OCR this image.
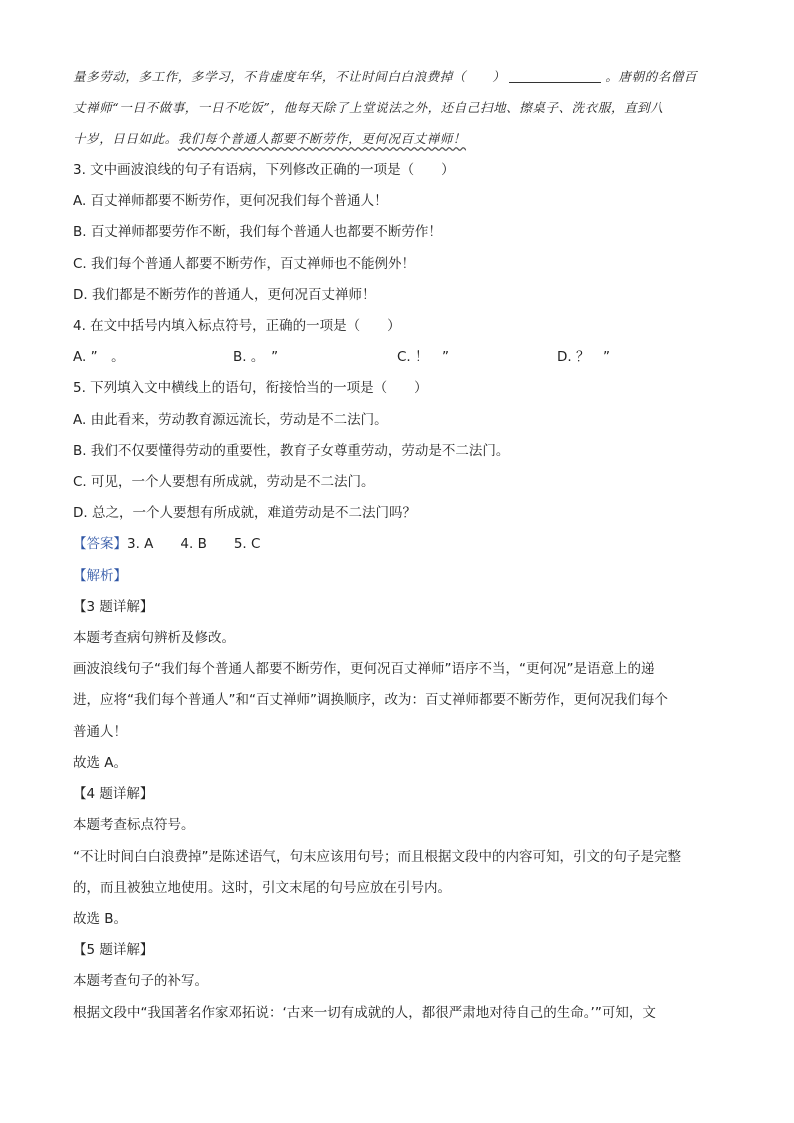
量多劳动，多工作，多学习，不肯虚度年华，不让时间白白浪费掉（　　）	。唐朝的名僧百
丈禅师“一日不做事，一日不吃饭”，他每天除了上堂说法之外，还自己扫地、擦桌子、洗衣服，直到八
十岁，日日如此。我们每个普通人都要不断劳作，更何况百丈禅师！
3. 文中画波浪线的句子有语病，下列修改正确的一项是（　　）
A. 百丈禅师都要不断劳作，更何况我们每个普通人！
B. 百丈禅师都要劳作不断，我们每个普通人也都要不断劳作！
C. 我们每个普通人都要不断劳作，百丈禅师也不能例外！
D. 我们都是不断劳作的普通人，更何况百丈禅师！
4. 在文中括号内填入标点符号，正确的一项是（　　）
A. ”　。	B. 。　”	C. ！　”	D. ？　”
5. 下列填入文中横线上的语句，衔接恰当的一项是（　　）
A. 由此看来，劳动教育源远流长，劳动是不二法门。
B. 我们不仅要懂得劳动的重要性，教育子女尊重劳动，劳动是不二法门。
C. 可见，一个人要想有所成就，劳动是不二法门。
D. 总之，一个人要想有所成就，难道劳动是不二法门吗？
【答案】3. A　　4. B　　5. C
【解析】
【3 题详解】
本题考查病句辨析及修改。
画波浪线句子“我们每个普通人都要不断劳作，更何况百丈禅师”语序不当，“更何况”是语意上的递
进，应将“我们每个普通人”和“百丈禅师”调换顺序，改为：百丈禅师都要不断劳作，更何况我们每个
普通人！
故选 A。
【4 题详解】
本题考查标点符号。
“不让时间白白浪费掉”是陈述语气，句末应该用句号；而且根据文段中的内容可知，引文的句子是完整
的，而且被独立地使用。这时，引文末尾的句号应放在引号内。
故选 B。
【5 题详解】
本题考查句子的补写。
根据文段中“我国著名作家邓拓说：‘古来一切有成就的人，都很严肃地对待自己的生命。’”可知，文
